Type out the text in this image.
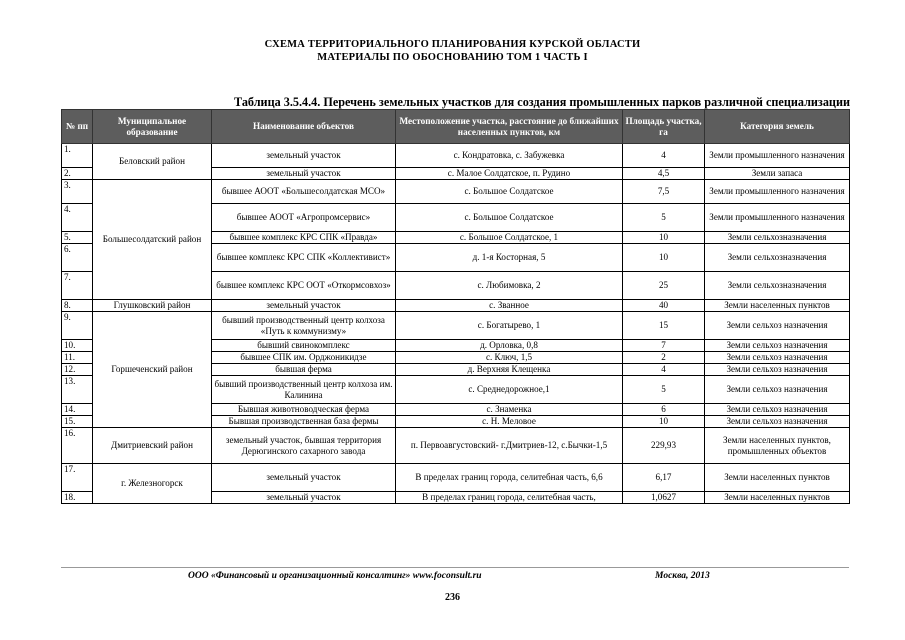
СХЕМА ТЕРРИТОРИАЛЬНОГО ПЛАНИРОВАНИЯ КУРСКОЙ ОБЛАСТИ
МАТЕРИАЛЫ ПО ОБОСНОВАНИЮ ТОМ 1 ЧАСТЬ I
Таблица 3.5.4.4. Перечень земельных участков для создания промышленных парков различной специализации
№ пп	Муниципальное образование	Наименование объектов	Местоположение участка, расстояние до ближайших населенных пунктов, км	Площадь участка, га	Категория земель
1.	Беловский район	земельный участок	с. Кондратовка, с. Забужевка	4	Земли промышленного назначения
2.		земельный участок	с. Малое Солдатское, п. Рудино	4,5	Земли запаса
3.	Большесолдатский район	бывшее АООТ «Большесолдатская МСО»	с. Большое Солдатское	7,5	Земли промышленного назначения
4.		бывшее АООТ «Агропромсервис»	с. Большое Солдатское	5	Земли промышленного назначения
5.		бывшее комплекс КРС СПК «Правда»	с. Большое Солдатское, 1	10	Земли сельхозназначения
6.		бывшее комплекс КРС СПК «Коллективист»	д. 1-я Косторная, 5	10	Земли сельхозназначения
7.		бывшее комплекс КРС ООТ «Откормсовхоз»	с. Любимовка, 2	25	Земли сельхозназначения
8.	Глушковский район	земельный участок	с. Званное	40	Земли населенных пунктов
9.	Горшеченский район	бывший производственный центр колхоза «Путь к коммунизму»	с. Богатырево, 1	15	Земли сельхоз назначения
10.		бывший свинокомплекс	д. Орловка, 0,8	7	Земли сельхоз назначения
11.		бывшее СПК им. Орджоникидзе	с. Ключ, 1,5	2	Земли сельхоз назначения
12.		бывшая ферма	д. Верхняя Клещенка	4	Земли сельхоз назначения
13.		бывший производственный центр колхоза им. Калинина	с. Среднедорожное,1	5	Земли сельхоз назначения
14.		Бывшая животноводческая ферма	с. Знаменка	6	Земли сельхоз назначения
15.		Бывшая производственная база фермы	с. Н. Меловое	10	Земли сельхоз назначения
16.	Дмитриевский район	земельный участок, бывшая территория Дерюгинского сахарного завода	п. Первоавгустовский- г.Дмитриев-12, с.Бычки-1,5	229,93	Земли населенных пунктов, промышленных объектов
17.	г. Железногорск	земельный участок	В пределах границ города, селитебная часть, 6,6	6,17	Земли населенных пунктов
18.		земельный участок	В пределах границ города, селитебная часть,	1,0627	Земли населенных пунктов
ООО «Финансовый и организационный консалтинг» www.foconsult.ru	Москва, 2013
236
